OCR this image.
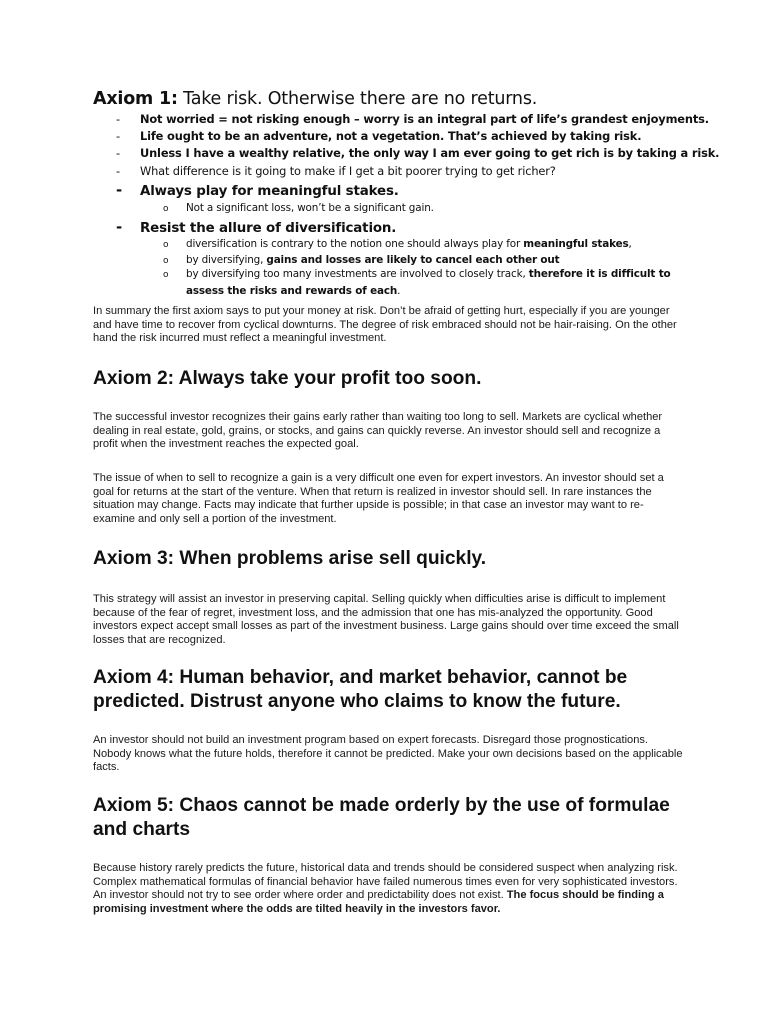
Axiom 1: Take risk. Otherwise there are no returns.
- Not worried = not risking enough – worry is an integral part of life’s grandest enjoyments.
- Life ought to be an adventure, not a vegetation. That’s achieved by taking risk.
- Unless I have a wealthy relative, the only way I am ever going to get rich is by taking a risk.
- What difference is it going to make if I get a bit poorer trying to get richer?
- Always play for meaningful stakes.
o Not a significant loss, won’t be a significant gain.
- Resist the allure of diversification.
o diversification is contrary to the notion one should always play for meaningful stakes,
o by diversifying, gains and losses are likely to cancel each other out
o by diversifying too many investments are involved to closely track, therefore it is difficult to
assess the risks and rewards of each.

In summary the first axiom says to put your money at risk. Don’t be afraid of getting hurt, especially if you are younger and have time to recover from cyclical downturns. The degree of risk embraced should not be hair-raising. On the other hand the risk incurred must reflect a meaningful investment.

Axiom 2: Always take your profit too soon.

The successful investor recognizes their gains early rather than waiting too long to sell. Markets are cyclical whether dealing in real estate, gold, grains, or stocks, and gains can quickly reverse. An investor should sell and recognize a profit when the investment reaches the expected goal.

The issue of when to sell to recognize a gain is a very difficult one even for expert investors. An investor should set a goal for returns at the start of the venture. When that return is realized in investor should sell. In rare instances the situation may change. Facts may indicate that further upside is possible; in that case an investor may want to re-examine and only sell a portion of the investment.

Axiom 3: When problems arise sell quickly.

This strategy will assist an investor in preserving capital. Selling quickly when difficulties arise is difficult to implement because of the fear of regret, investment loss, and the admission that one has mis-analyzed the opportunity. Good investors expect accept small losses as part of the investment business. Large gains should over time exceed the small losses that are recognized.

Axiom 4: Human behavior, and market behavior, cannot be predicted. Distrust anyone who claims to know the future.

An investor should not build an investment program based on expert forecasts. Disregard those prognostications. Nobody knows what the future holds, therefore it cannot be predicted. Make your own decisions based on the applicable facts.

Axiom 5: Chaos cannot be made orderly by the use of formulae and charts

Because history rarely predicts the future, historical data and trends should be considered suspect when analyzing risk. Complex mathematical formulas of financial behavior have failed numerous times even for very sophisticated investors. An investor should not try to see order where order and predictability does not exist. The focus should be finding a promising investment where the odds are tilted heavily in the investors favor.
